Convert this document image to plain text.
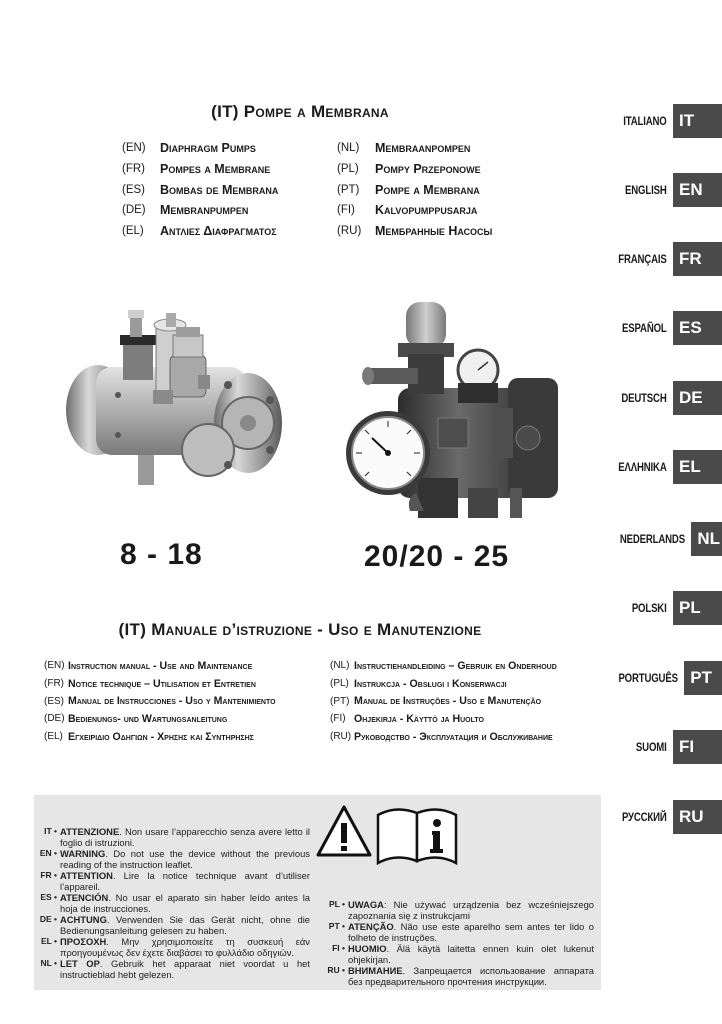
(IT) Pompe a Membrana
(EN)	Diaphragm Pumps
(FR)	Pompes a Membrane
(ES)	Bombas de Membrana
(DE)	Membranpumpen
(EL)	Αντλιες Διαφραγματος
(NL)	Membraanpompen
(PL)	Pompy Przeponowe
(PT)	Pompe a Membrana
(FI)	Kalvopumppusarja
(RU)	Мембранные Насосы
8 - 18	20/20 - 25
(IT) Manuale d’istruzione - Uso e Manutenzione
(EN) Instruction manual - Use and Maintenance
(FR) Notice technique – Utilisation et Entretien
(ES) Manual de Instrucciones - Uso y Mantenimiento
(DE) Bedienungs- und Wartungsanleitung
(EL) Εγχειριδιο Οδηγιων - Χρησης και Συντηρησης
(NL) Instructiehandleiding – Gebruik en Onderhoud
(PL) Instrukcja - Obsługi i Konserwacji
(PT) Manual de Instruções - Uso e Manutenção
(FI) Ohjekirja - Käyttö ja Huolto
(RU) Руководство - Эксплуатация и Обслуживание
ITALIANO IT
ENGLISH EN
FRANÇAIS FR
ESPAÑOL ES
DEUTSCH DE
ΕΛΛΗΝΙΚΑ EL
NEDERLANDS NL
POLSKI PL
PORTUGUÊS PT
SUOMI FI
РУССКИЙ RU
IT • ATTENZIONE. Non usare l’apparecchio senza avere letto il foglio di istruzioni.
EN • WARNING. Do not use the device without the previous reading of the instruction leaflet.
FR • ATTENTION. Lire la notice technique avant d’utiliser l’appareil.
ES • ATENCIÓN. No usar el aparato sin haber leído antes la hoja de instrucciones.
DE • ACHTUNG. Verwenden Sie das Gerät nicht, ohne die Bedienungsanleitung gelesen zu haben.
EL • ΠΡΟΣΟΧΗ. Μην χρησιμοποιείτε τη συσκευή εάν προηγουμένως δεν έχετε διαβάσει το φυλλάδιο οδηγιών.
NL • LET OP. Gebruik het apparaat niet voordat u het instructieblad hebt gelezen.
PL • UWAGA: Nie używać urządzenia bez wcześniejszego zapoznania się z instrukcjami
PT • ATENÇÃO. Não use este aparelho sem antes ter lido o folheto de instruções.
FI • HUOMIO. Älä käytä laitetta ennen kuin olet lukenut ohjekirjan.
RU • ВНИМАНИЕ. Запрещается использование аппарата без предварительного прочтения инструкции.
